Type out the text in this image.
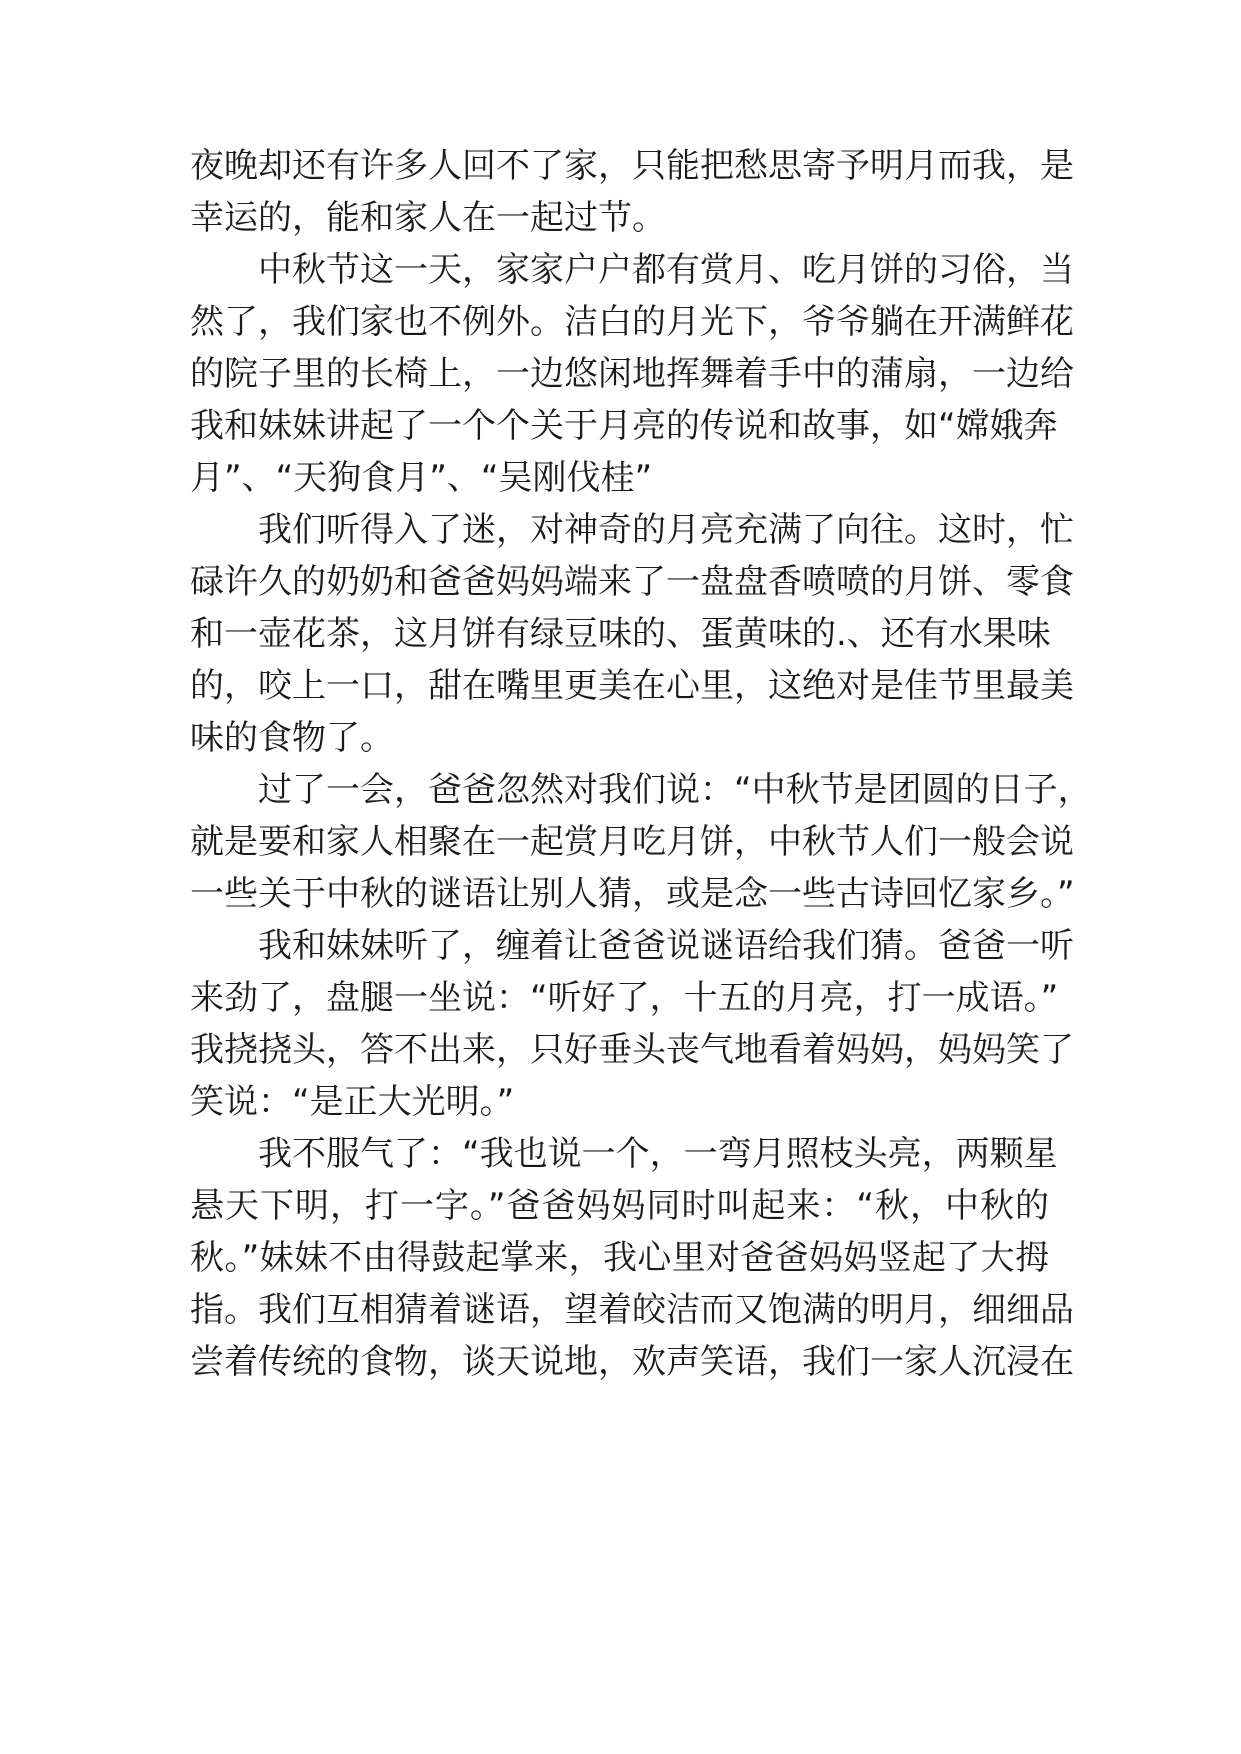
夜晚却还有许多人回不了家，只能把愁思寄予明月而我，是
幸运的，能和家人在一起过节。
中秋节这一天，家家户户都有赏月、吃月饼的习俗，当
然了，我们家也不例外。洁白的月光下，爷爷躺在开满鲜花
的院子里的长椅上，一边悠闲地挥舞着手中的蒲扇，一边给
我和妹妹讲起了一个个关于月亮的传说和故事，如“嫦娥奔
月”、“天狗食月”、“吴刚伐桂”
我们听得入了迷，对神奇的月亮充满了向往。这时，忙
碌许久的奶奶和爸爸妈妈端来了一盘盘香喷喷的月饼、零食
和一壶花茶，这月饼有绿豆味的、蛋黄味的.、还有水果味
的，咬上一口，甜在嘴里更美在心里，这绝对是佳节里最美
味的食物了。
过了一会，爸爸忽然对我们说：“中秋节是团圆的日子，
就是要和家人相聚在一起赏月吃月饼，中秋节人们一般会说
一些关于中秋的谜语让别人猜，或是念一些古诗回忆家乡。”
我和妹妹听了，缠着让爸爸说谜语给我们猜。爸爸一听
来劲了，盘腿一坐说：“听好了，十五的月亮，打一成语。”
我挠挠头，答不出来，只好垂头丧气地看着妈妈，妈妈笑了
笑说：“是正大光明。”
我不服气了：“我也说一个，一弯月照枝头亮，两颗星
悬天下明，打一字。”爸爸妈妈同时叫起来：“秋，中秋的
秋。”妹妹不由得鼓起掌来，我心里对爸爸妈妈竖起了大拇
指。我们互相猜着谜语，望着皎洁而又饱满的明月，细细品
尝着传统的食物，谈天说地，欢声笑语，我们一家人沉浸在
